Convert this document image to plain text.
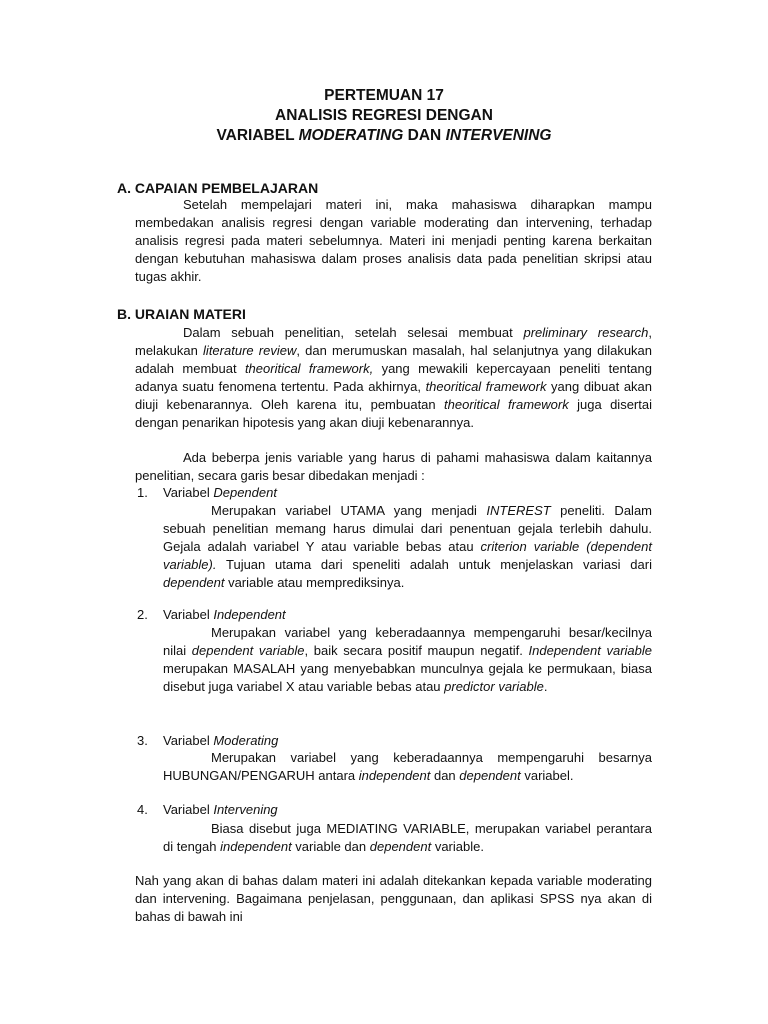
PERTEMUAN 17
ANALISIS REGRESI DENGAN
VARIABEL MODERATING DAN INTERVENING
A. CAPAIAN PEMBELAJARAN
Setelah mempelajari materi ini, maka mahasiswa diharapkan mampu membedakan analisis regresi dengan variable moderating dan intervening, terhadap analisis regresi pada materi sebelumnya. Materi ini menjadi penting karena berkaitan dengan kebutuhan mahasiswa dalam proses analisis data pada penelitian skripsi atau tugas akhir.
B. URAIAN MATERI
Dalam sebuah penelitian, setelah selesai membuat preliminary research, melakukan literature review, dan merumuskan masalah, hal selanjutnya yang dilakukan adalah membuat theoritical framework, yang mewakili kepercayaan peneliti tentang adanya suatu fenomena tertentu. Pada akhirnya, theoritical framework yang dibuat akan diuji kebenarannya. Oleh karena itu, pembuatan theoritical framework juga disertai dengan penarikan hipotesis yang akan diuji kebenarannya.
Ada beberpa jenis variable yang harus di pahami mahasiswa dalam kaitannya penelitian, secara garis besar dibedakan menjadi :
1. Variabel Dependent
Merupakan variabel UTAMA yang menjadi INTEREST peneliti. Dalam sebuah penelitian memang harus dimulai dari penentuan gejala terlebih dahulu. Gejala adalah variabel Y atau variable bebas atau criterion variable (dependent variable). Tujuan utama dari speneliti adalah untuk menjelaskan variasi dari dependent variable atau memprediksinya.
2. Variabel Independent
Merupakan variabel yang keberadaannya mempengaruhi besar/kecilnya nilai dependent variable, baik secara positif maupun negatif. Independent variable merupakan MASALAH yang menyebabkan munculnya gejala ke permukaan, biasa disebut juga variabel X atau variable bebas atau predictor variable.
3. Variabel Moderating
Merupakan variabel yang keberadaannya mempengaruhi besarnya HUBUNGAN/PENGARUH antara independent dan dependent variabel.
4. Variabel Intervening
Biasa disebut juga MEDIATING VARIABLE, merupakan variabel perantara di tengah independent variable dan dependent variable.
Nah yang akan di bahas dalam materi ini adalah ditekankan kepada variable moderating dan intervening. Bagaimana penjelasan, penggunaan, dan aplikasi SPSS nya akan di bahas di bawah ini
